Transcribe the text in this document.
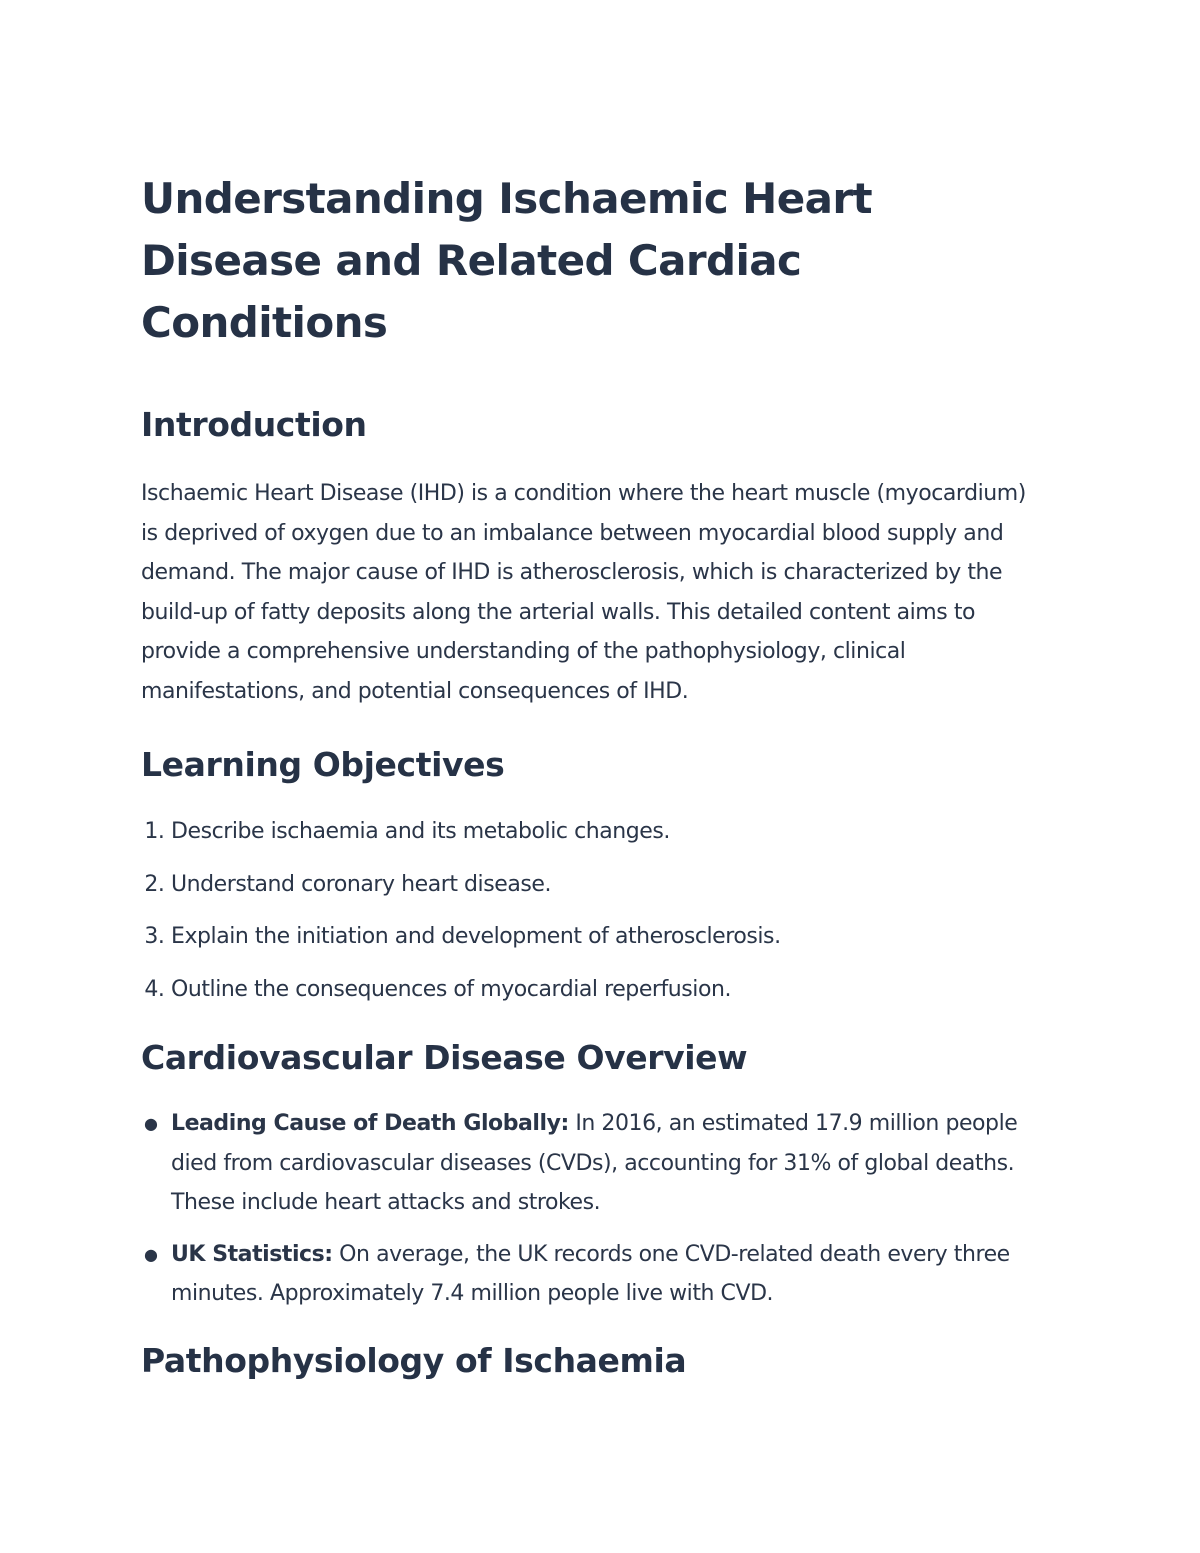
Understanding Ischaemic Heart Disease and Related Cardiac Conditions
Introduction

Ischaemic Heart Disease (IHD) is a condition where the heart muscle (myocardium) is deprived of oxygen due to an imbalance between myocardial blood supply and demand. The major cause of IHD is atherosclerosis, which is characterized by the build-up of fatty deposits along the arterial walls. This detailed content aims to provide a comprehensive understanding of the pathophysiology, clinical manifestations, and potential consequences of IHD.

Learning Objectives
1. Describe ischaemia and its metabolic changes.
2. Understand coronary heart disease.
3. Explain the initiation and development of atherosclerosis.
4. Outline the consequences of myocardial reperfusion.
Cardiovascular Disease Overview
● Leading Cause of Death Globally: In 2016, an estimated 17.9 million people died from cardiovascular diseases (CVDs), accounting for 31% of global deaths. These include heart attacks and strokes.
● UK Statistics: On average, the UK records one CVD-related death every three minutes. Approximately 7.4 million people live with CVD.
Pathophysiology of Ischaemia
